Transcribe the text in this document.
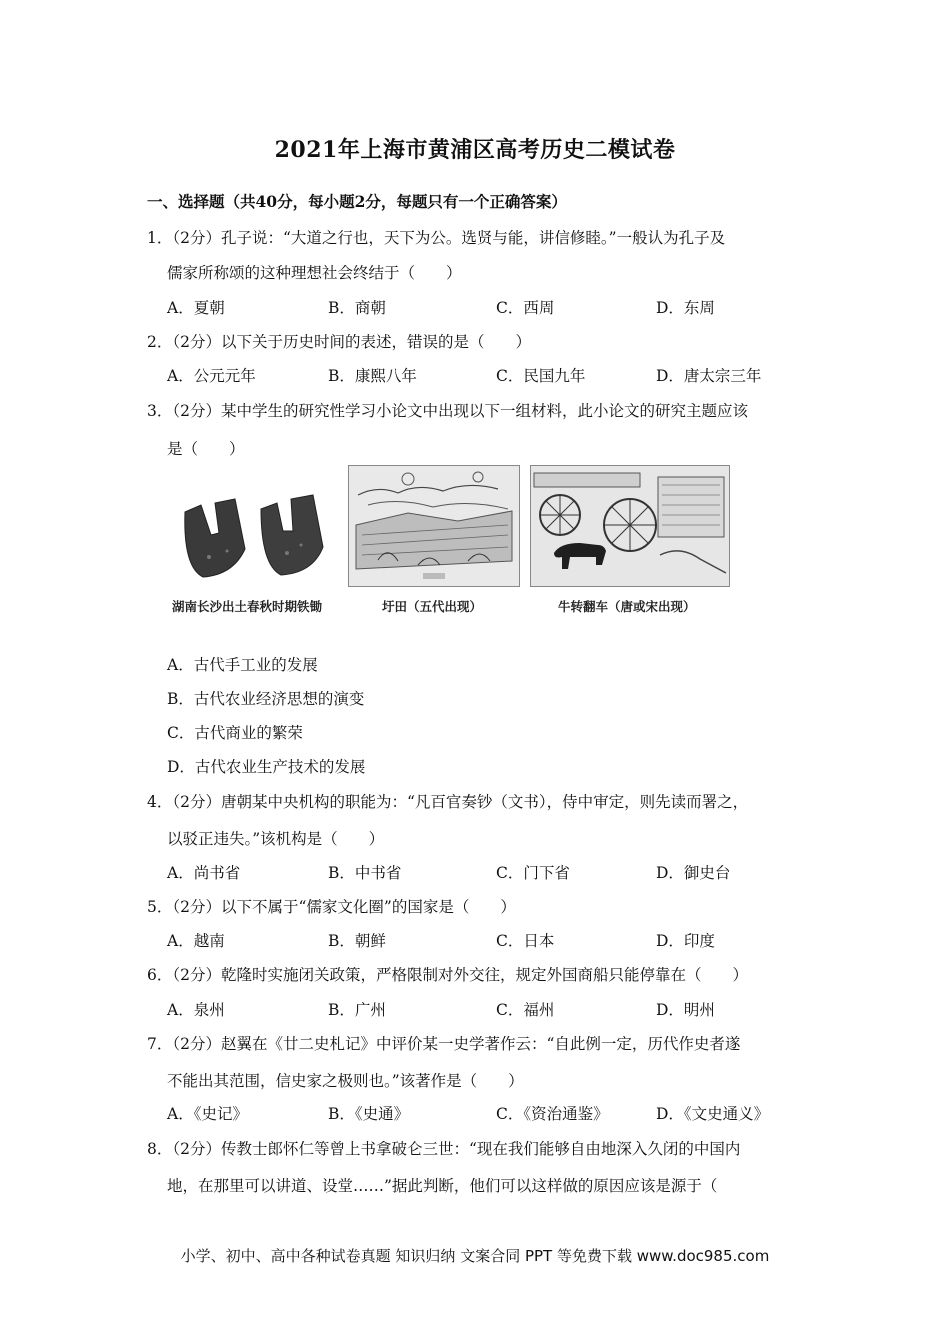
2021年上海市黄浦区高考历史二模试卷
一、选择题（共40分，每小题2分，每题只有一个正确答案）
1．（2分）孔子说：“大道之行也，天下为公。选贤与能，讲信修睦。”一般认为孔子及
儒家所称颂的这种理想社会终结于（　　）
A．夏朝	B．商朝	C．西周	D．东周
2．（2分）以下关于历史时间的表述，错误的是（　　）
A．公元元年	B．康熙八年	C．民国九年	D．唐太宗三年
3．（2分）某中学生的研究性学习小论文中出现以下一组材料，此小论文的研究主题应该
是（　　）
湖南长沙出土春秋时期铁锄	圩田（五代出现）	牛转翻车（唐或宋出现）
A．古代手工业的发展
B．古代农业经济思想的演变
C．古代商业的繁荣
D．古代农业生产技术的发展
4．（2分）唐朝某中央机构的职能为：“凡百官奏钞（文书），侍中审定，则先读而署之，
以驳正违失。”该机构是（　　）
A．尚书省	B．中书省	C．门下省	D．御史台
5．（2分）以下不属于“儒家文化圈”的国家是（　　）
A．越南	B．朝鲜	C．日本	D．印度
6．（2分）乾隆时实施闭关政策，严格限制对外交往，规定外国商船只能停靠在（　　）
A．泉州	B．广州	C．福州	D．明州
7．（2分）赵翼在《廿二史札记》中评价某一史学著作云：“自此例一定，历代作史者遂
不能出其范围，信史家之极则也。”该著作是（　　）
A．《史记》	B．《史通》	C．《资治通鉴》	D．《文史通义》
8．（2分）传教士郎怀仁等曾上书拿破仑三世：“现在我们能够自由地深入久闭的中国内
地，在那里可以讲道、设堂……”据此判断，他们可以这样做的原因应该是源于（
小学、初中、高中各种试卷真题 知识归纳 文案合同 PPT 等免费下载 www.doc985.com
